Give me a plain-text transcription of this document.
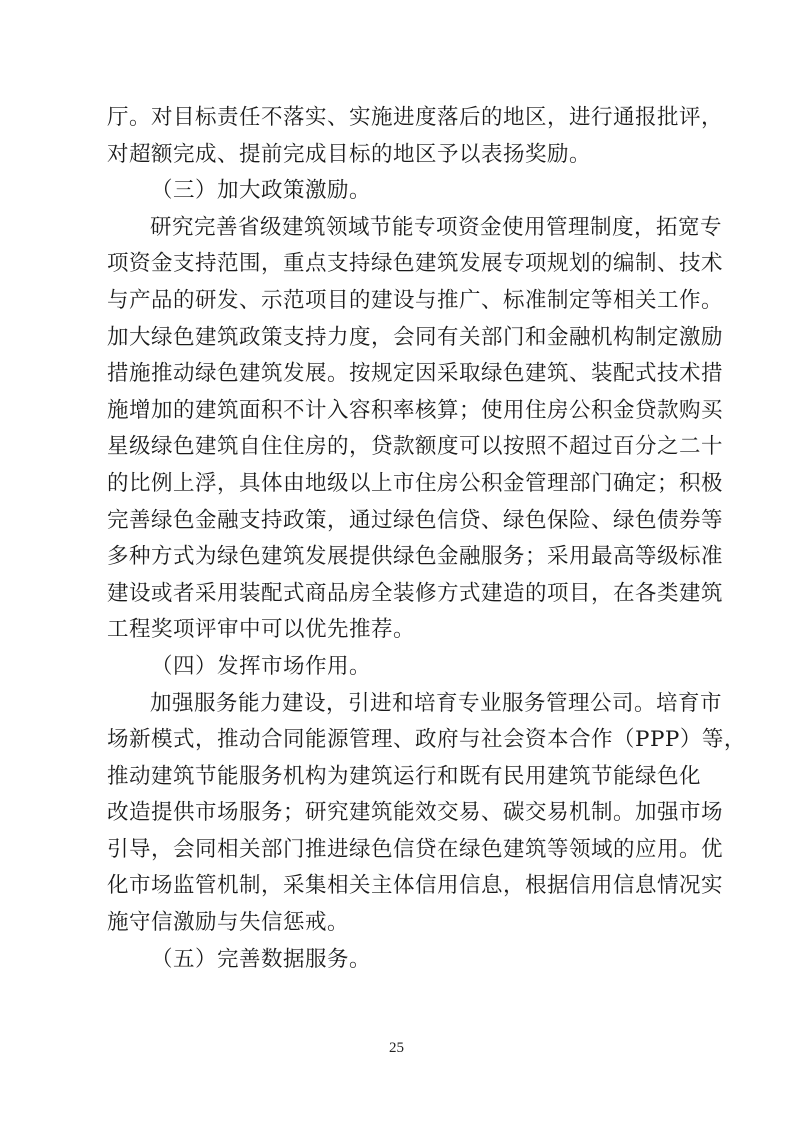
厅。对目标责任不落实、实施进度落后的地区，进行通报批评，
对超额完成、提前完成目标的地区予以表扬奖励。
（三）加大政策激励。
研究完善省级建筑领域节能专项资金使用管理制度，拓宽专
项资金支持范围，重点支持绿色建筑发展专项规划的编制、技术
与产品的研发、示范项目的建设与推广、标准制定等相关工作。
加大绿色建筑政策支持力度，会同有关部门和金融机构制定激励
措施推动绿色建筑发展。按规定因采取绿色建筑、装配式技术措
施增加的建筑面积不计入容积率核算；使用住房公积金贷款购买
星级绿色建筑自住住房的，贷款额度可以按照不超过百分之二十
的比例上浮，具体由地级以上市住房公积金管理部门确定；积极
完善绿色金融支持政策，通过绿色信贷、绿色保险、绿色债券等
多种方式为绿色建筑发展提供绿色金融服务；采用最高等级标准
建设或者采用装配式商品房全装修方式建造的项目，在各类建筑
工程奖项评审中可以优先推荐。
（四）发挥市场作用。
加强服务能力建设，引进和培育专业服务管理公司。培育市
场新模式，推动合同能源管理、政府与社会资本合作（PPP）等，
推动建筑节能服务机构为建筑运行和既有民用建筑节能绿色化
改造提供市场服务；研究建筑能效交易、碳交易机制。加强市场
引导，会同相关部门推进绿色信贷在绿色建筑等领域的应用。优
化市场监管机制，采集相关主体信用信息，根据信用信息情况实
施守信激励与失信惩戒。
（五）完善数据服务。
25
